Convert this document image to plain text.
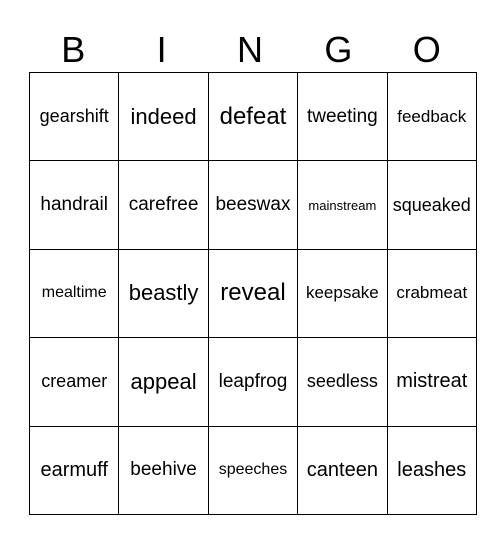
B	I	N	G	O
gearshift	indeed	defeat	tweeting	feedback
handrail	carefree	beeswax	mainstream	squeaked
mealtime	beastly	reveal	keepsake	crabmeat
creamer	appeal	leapfrog	seedless	mistreat
earmuff	beehive	speeches	canteen	leashes
